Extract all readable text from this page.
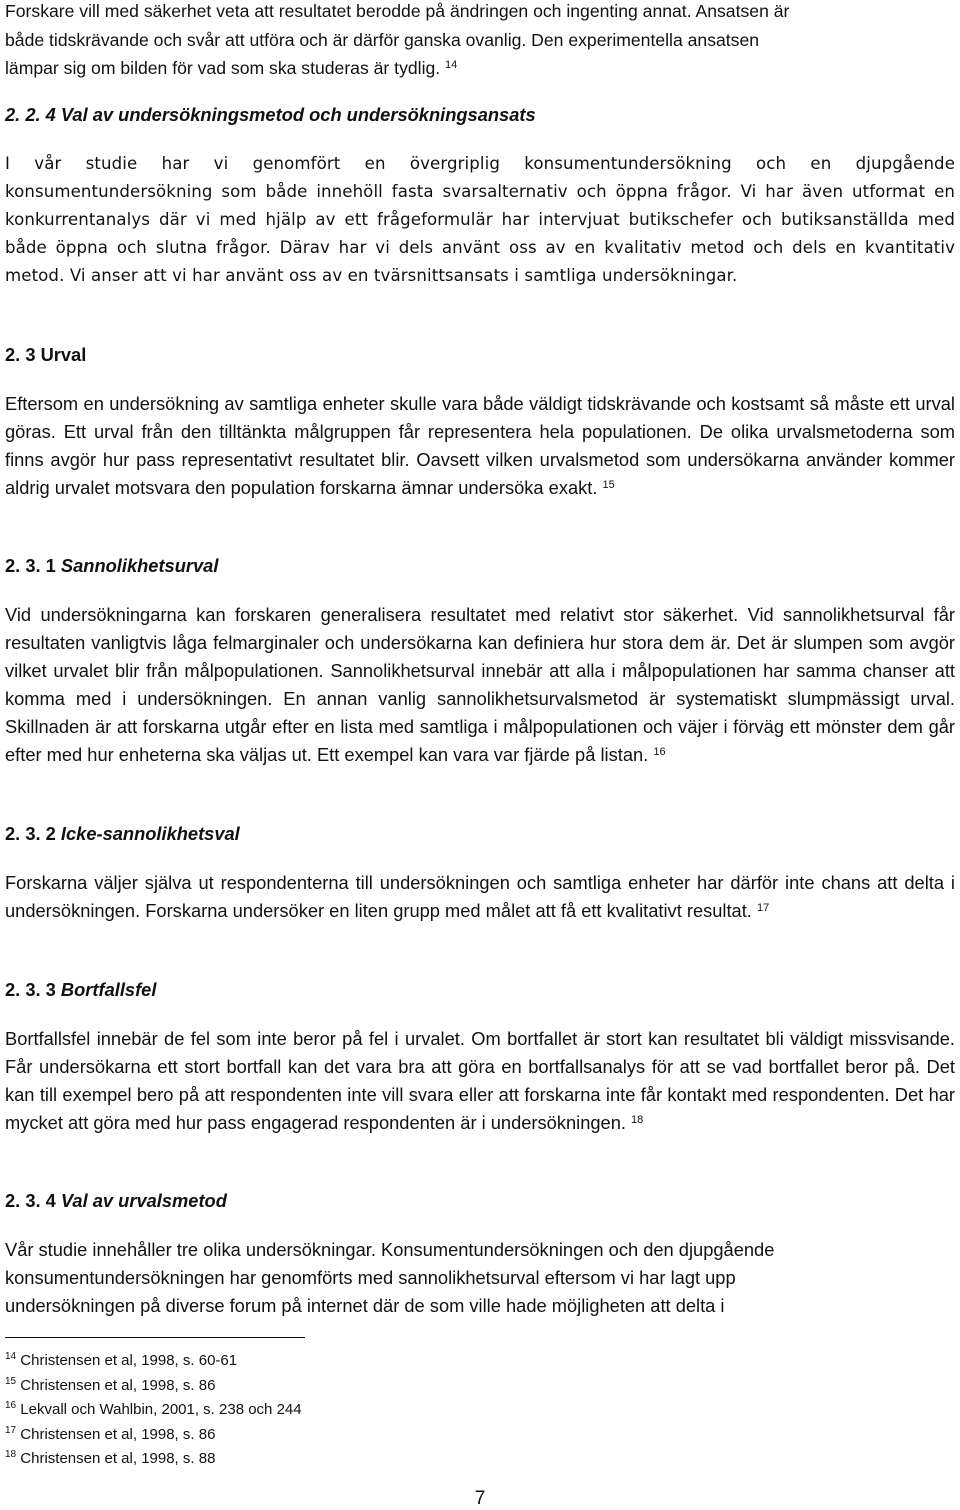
Forskare vill med säkerhet veta att resultatet berodde på ändringen och ingenting annat. Ansatsen är
både tidskrävande och svår att utföra och är därför ganska ovanlig. Den experimentella ansatsen
lämpar sig om bilden för vad som ska studeras är tydlig. $^{14}$

2. 2. 4 Val av undersökningsmetod och undersökningsansats

I vår studie har vi genomfört en övergriplig konsumentundersökning och en djupgående konsumentundersökning som både innehöll fasta svarsalternativ och öppna frågor. Vi har även utformat en konkurrentanalys där vi med hjälp av ett frågeformulär har intervjuat butikschefer och butiksanställda med både öppna och slutna frågor. Därav har vi dels använt oss av en kvalitativ metod och dels en kvantitativ metod. Vi anser att vi har använt oss av en tvärsnittsansats i samtliga undersökningar.

2. 3 Urval

Eftersom en undersökning av samtliga enheter skulle vara både väldigt tidskrävande och kostsamt så måste ett urval göras. Ett urval från den tilltänkta målgruppen får representera hela populationen. De olika urvalsmetoderna som finns avgör hur pass representativt resultatet blir. Oavsett vilken urvalsmetod som undersökarna använder kommer aldrig urvalet motsvara den population forskarna ämnar undersöka exakt. $^{15}$

2. 3. 1 Sannolikhetsurval

Vid undersökningarna kan forskaren generalisera resultatet med relativt stor säkerhet. Vid sannolikhetsurval får resultaten vanligtvis låga felmarginaler och undersökarna kan definiera hur stora dem är. Det är slumpen som avgör vilket urvalet blir från målpopulationen. Sannolikhetsurval innebär att alla i målpopulationen har samma chanser att komma med i undersökningen. En annan vanlig sannolikhetsurvalsmetod är systematiskt slumpmässigt urval. Skillnaden är att forskarna utgår efter en lista med samtliga i målpopulationen och väjer i förväg ett mönster dem går efter med hur enheterna ska väljas ut. Ett exempel kan vara var fjärde på listan. $^{16}$

2. 3. 2 Icke-sannolikhetsval

Forskarna väljer själva ut respondenterna till undersökningen och samtliga enheter har därför inte chans att delta i undersökningen. Forskarna undersöker en liten grupp med målet att få ett kvalitativt resultat. $^{17}$

2. 3. 3 Bortfallsfel

Bortfallsfel innebär de fel som inte beror på fel i urvalet. Om bortfallet är stort kan resultatet bli väldigt missvisande. Får undersökarna ett stort bortfall kan det vara bra att göra en bortfallsanalys för att se vad bortfallet beror på. Det kan till exempel bero på att respondenten inte vill svara eller att forskarna inte får kontakt med respondenten. Det har mycket att göra med hur pass engagerad respondenten är i undersökningen. $^{18}$

2. 3. 4 Val av urvalsmetod

Vår studie innehåller tre olika undersökningar. Konsumentundersökningen och den djupgående
konsumentundersökningen har genomförts med sannolikhetsurval eftersom vi har lagt upp
undersökningen på diverse forum på internet där de som ville hade möjligheten att delta i

$^{14}$ Christensen et al, 1998, s. 60-61
$^{15}$ Christensen et al, 1998, s. 86
$^{16}$ Lekvall och Wahlbin, 2001, s. 238 och 244
$^{17}$ Christensen et al, 1998, s. 86
$^{18}$ Christensen et al, 1998, s. 88
7
